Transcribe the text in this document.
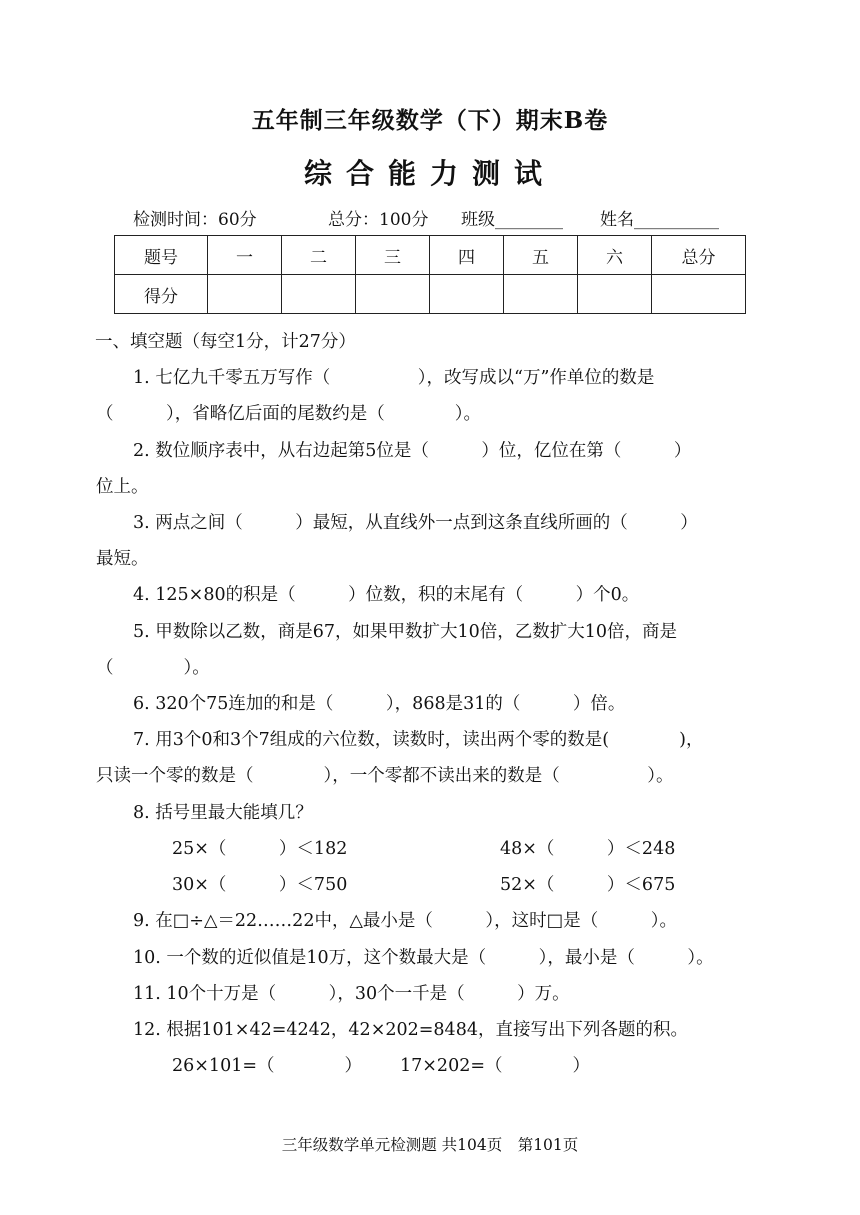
五年制三年级数学（下）期末B卷
综合能力测试
检测时间：60分	总分：100分 班级________ 姓名__________
题号	一	二	三	四	五	六	总分
得分							
一、填空题（每空1分，计27分）
1. 七亿九千零五万写作（　　　　　），改写成以“万”作单位的数是
（　　　），省略亿后面的尾数约是（　　　　）。
2. 数位顺序表中，从右边起第5位是（　　　）位，亿位在第（　　　）
位上。
3. 两点之间（　　　）最短，从直线外一点到这条直线所画的（　　　）
最短。
4. 125×80的积是（　　　）位数，积的末尾有（　　　）个0。
5. 甲数除以乙数，商是67，如果甲数扩大10倍，乙数扩大10倍，商是
（　　　　）。
6. 320个75连加的和是（　　　），868是31的（　　　）倍。
7. 用3个0和3个7组成的六位数，读数时，读出两个零的数是(　　　　)，
只读一个零的数是（　　　　），一个零都不读出来的数是（　　　　　）。
8. 括号里最大能填几？
25×（　　　）＜182	48×（　　　）＜248
30×（　　　）＜750	52×（　　　）＜675
9. 在□÷△＝22……22中，△最小是（　　　），这时□是（　　　）。
10. 一个数的近似值是10万，这个数最大是（　　　），最小是（　　　）。
11. 10个十万是（　　　），30个一千是（　　　）万。
12. 根据101×42=4242，42×202=8484，直接写出下列各题的积。
26×101=（　　　　） 17×202=（　　　　）
三年级数学单元检测题 共104页　第101页
